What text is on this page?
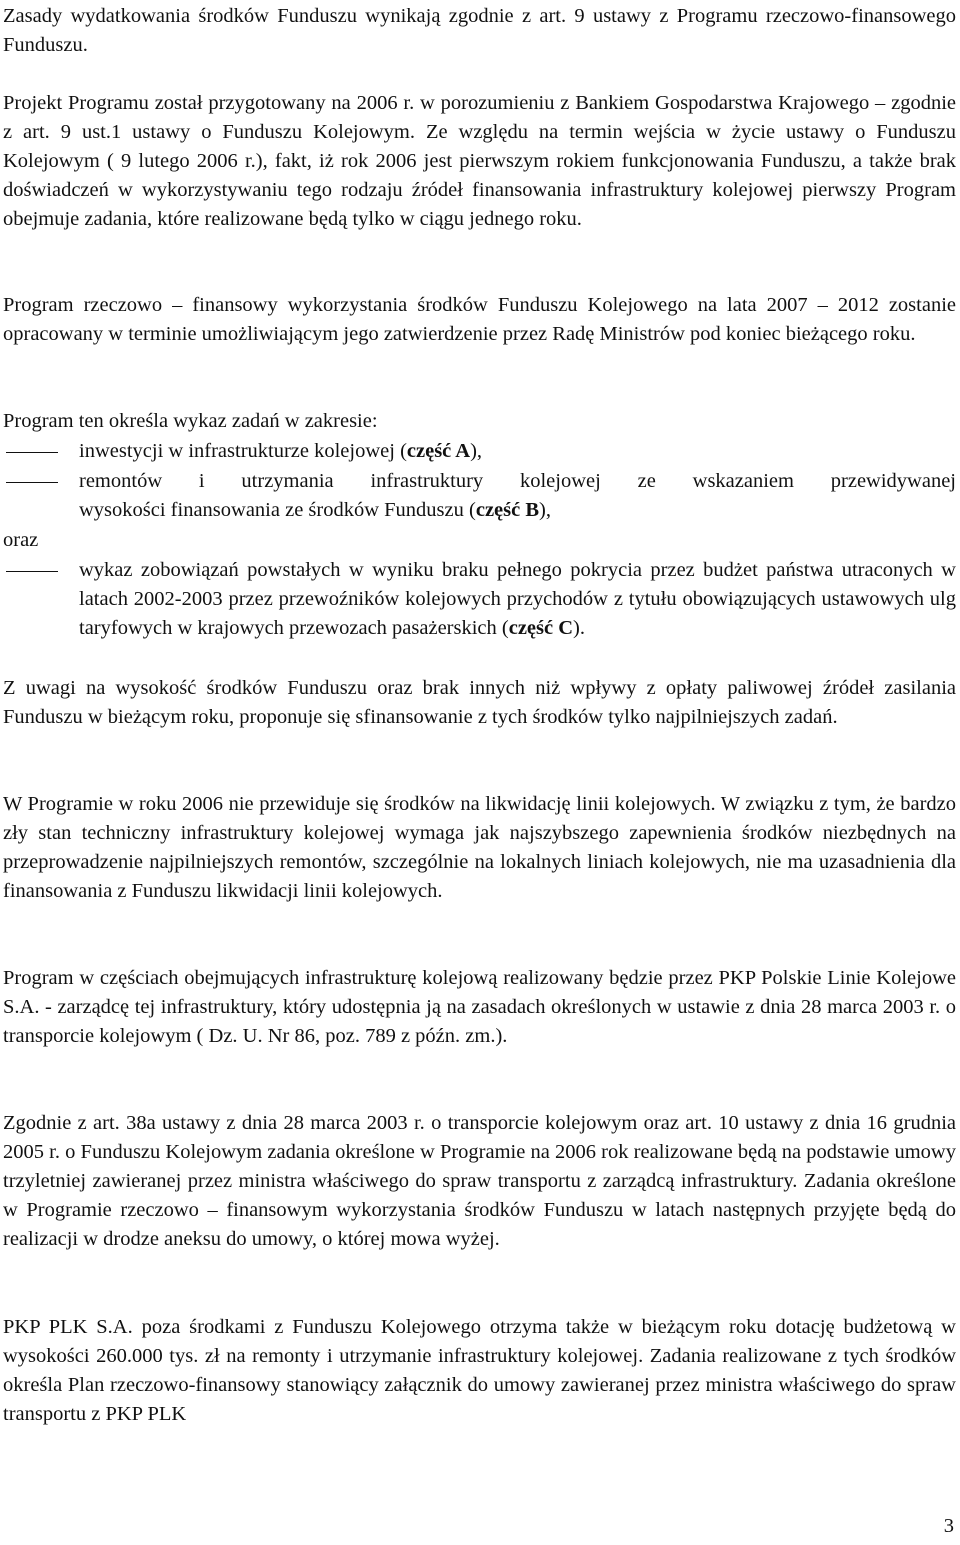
Zasady wydatkowania środków Funduszu wynikają zgodnie z art. 9 ustawy z Programu rzeczowo-finansowego Funduszu.

Projekt Programu został przygotowany na 2006 r. w porozumieniu z Bankiem Gospodarstwa Krajowego – zgodnie z art. 9 ust.1 ustawy o Funduszu Kolejowym. Ze względu na termin wejścia w życie ustawy o Funduszu Kolejowym ( 9 lutego 2006 r.), fakt, iż rok 2006 jest pierwszym rokiem funkcjonowania Funduszu, a także brak doświadczeń w wykorzystywaniu tego rodzaju źródeł finansowania infrastruktury kolejowej pierwszy Program obejmuje zadania, które realizowane będą tylko w ciągu jednego roku.

Program rzeczowo – finansowy wykorzystania środków Funduszu Kolejowego na lata 2007 – 2012 zostanie opracowany w terminie umożliwiającym jego zatwierdzenie przez Radę Ministrów pod koniec bieżącego roku.

Program ten określa wykaz zadań w zakresie:

inwestycji w infrastrukturze kolejowej (część A),
remontów i utrzymania infrastruktury kolejowej ze wskazaniem przewidywanej
wysokości finansowania ze środków Funduszu (część B),
oraz
wykaz zobowiązań powstałych w wyniku braku pełnego pokrycia przez budżet państwa utraconych w latach 2002-2003 przez przewoźników kolejowych przychodów z tytułu obowiązujących ustawowych ulg taryfowych w krajowych przewozach pasażerskich (część C).

Z uwagi na wysokość środków Funduszu oraz brak innych niż wpływy z opłaty paliwowej źródeł zasilania Funduszu w bieżącym roku, proponuje się sfinansowanie z tych środków tylko najpilniejszych zadań.

W Programie w roku 2006 nie przewiduje się środków na likwidację linii kolejowych. W związku z tym, że bardzo zły stan techniczny infrastruktury kolejowej wymaga jak najszybszego zapewnienia środków niezbędnych na przeprowadzenie najpilniejszych remontów, szczególnie na lokalnych liniach kolejowych, nie ma uzasadnienia dla finansowania z Funduszu likwidacji linii kolejowych.

Program w częściach obejmujących infrastrukturę kolejową realizowany będzie przez PKP Polskie Linie Kolejowe S.A. - zarządcę tej infrastruktury, który udostępnia ją na zasadach określonych w ustawie z dnia 28 marca 2003 r. o transporcie kolejowym ( Dz. U. Nr 86, poz. 789 z późn. zm.).

Zgodnie z art. 38a ustawy z dnia 28 marca 2003 r. o transporcie kolejowym oraz art. 10 ustawy z dnia 16 grudnia 2005 r. o Funduszu Kolejowym zadania określone w Programie na 2006 rok realizowane będą na podstawie umowy trzyletniej zawieranej przez ministra właściwego do spraw transportu z zarządcą infrastruktury. Zadania określone w Programie rzeczowo – finansowym wykorzystania środków Funduszu w latach następnych przyjęte będą do realizacji w drodze aneksu do umowy, o której mowa wyżej.

PKP PLK S.A. poza środkami z Funduszu Kolejowego otrzyma także w bieżącym roku dotację budżetową w wysokości 260.000 tys. zł na remonty i utrzymanie infrastruktury kolejowej. Zadania realizowane z tych środków określa Plan rzeczowo-finansowy stanowiący załącznik do umowy zawieranej przez ministra właściwego do spraw transportu z PKP PLK

3
